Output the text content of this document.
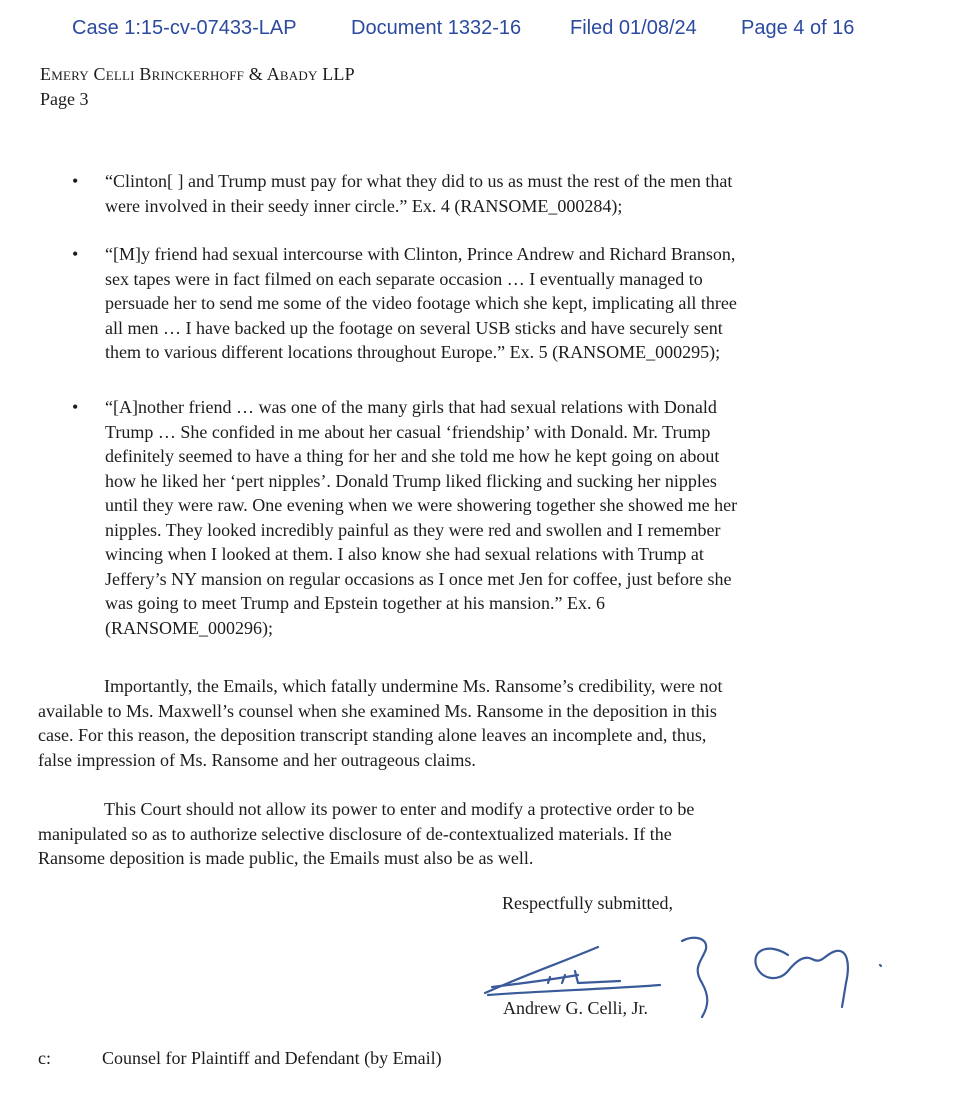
Case 1:15-cv-07433-LAP	Document 1332-16 Filed 01/08/24 Page 4 of 16
Emery Celli Brinckerhoff & Abady LLP
Page 3
• “Clinton[ ] and Trump must pay for what they did to us as must the rest of the men that
were involved in their seedy inner circle.” Ex. 4 (RANSOME_000284);
• “[M]y friend had sexual intercourse with Clinton, Prince Andrew and Richard Branson,
sex tapes were in fact filmed on each separate occasion … I eventually managed to
persuade her to send me some of the video footage which she kept, implicating all three
all men … I have backed up the footage on several USB sticks and have securely sent
them to various different locations throughout Europe.” Ex. 5 (RANSOME_000295);
• “[A]nother friend … was one of the many girls that had sexual relations with Donald
Trump … She confided in me about her casual ‘friendship’ with Donald. Mr. Trump
definitely seemed to have a thing for her and she told me how he kept going on about
how he liked her ‘pert nipples’. Donald Trump liked flicking and sucking her nipples
until they were raw. One evening when we were showering together she showed me her
nipples. They looked incredibly painful as they were red and swollen and I remember
wincing when I looked at them. I also know she had sexual relations with Trump at
Jeffery’s NY mansion on regular occasions as I once met Jen for coffee, just before she
was going to meet Trump and Epstein together at his mansion.” Ex. 6
(RANSOME_000296);
Importantly, the Emails, which fatally undermine Ms. Ransome’s credibility, were not
available to Ms. Maxwell’s counsel when she examined Ms. Ransome in the deposition in this
case. For this reason, the deposition transcript standing alone leaves an incomplete and, thus,
false impression of Ms. Ransome and her outrageous claims.
This Court should not allow its power to enter and modify a protective order to be
manipulated so as to authorize selective disclosure of de-contextualized materials. If the
Ransome deposition is made public, the Emails must also be as well.
Respectfully submitted,
Andrew G. Celli, Jr.
c:	Counsel for Plaintiff and Defendant (by Email)
